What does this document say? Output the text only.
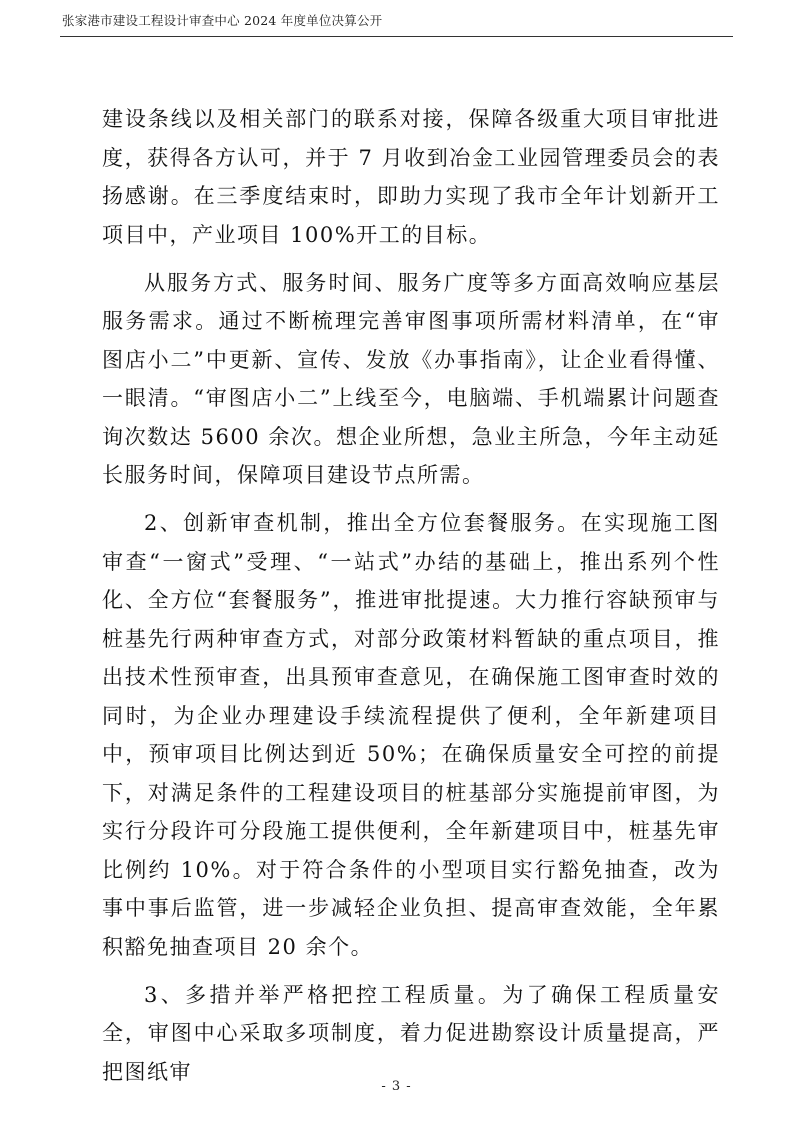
张家港市建设工程设计审查中心 2024 年度单位决算公开

建设条线以及相关部门的联系对接，保障各级重大项目审批进度，获得各方认可，并于 7 月收到冶金工业园管理委员会的表扬感谢。在三季度结束时，即助力实现了我市全年计划新开工项目中，产业项目 100%开工的目标。

从服务方式、服务时间、服务广度等多方面高效响应基层服务需求。通过不断梳理完善审图事项所需材料清单，在“审图店小二”中更新、宣传、发放《办事指南》，让企业看得懂、一眼清。“审图店小二”上线至今，电脑端、手机端累计问题查询次数达 5600 余次。想企业所想，急业主所急，今年主动延长服务时间，保障项目建设节点所需。

2、创新审查机制，推出全方位套餐服务。在实现施工图审查“一窗式”受理、“一站式”办结的基础上，推出系列个性化、全方位“套餐服务”，推进审批提速。大力推行容缺预审与桩基先行两种审查方式，对部分政策材料暂缺的重点项目，推出技术性预审查，出具预审查意见，在确保施工图审查时效的同时，为企业办理建设手续流程提供了便利，全年新建项目中，预审项目比例达到近 50%；在确保质量安全可控的前提下，对满足条件的工程建设项目的桩基部分实施提前审图，为实行分段许可分段施工提供便利，全年新建项目中，桩基先审比例约 10%。对于符合条件的小型项目实行豁免抽查，改为事中事后监管，进一步减轻企业负担、提高审查效能，全年累积豁免抽查项目 20 余个。

3、多措并举严格把控工程质量。为了确保工程质量安全，审图中心采取多项制度，着力促进勘察设计质量提高，严把图纸审

- 3 -
